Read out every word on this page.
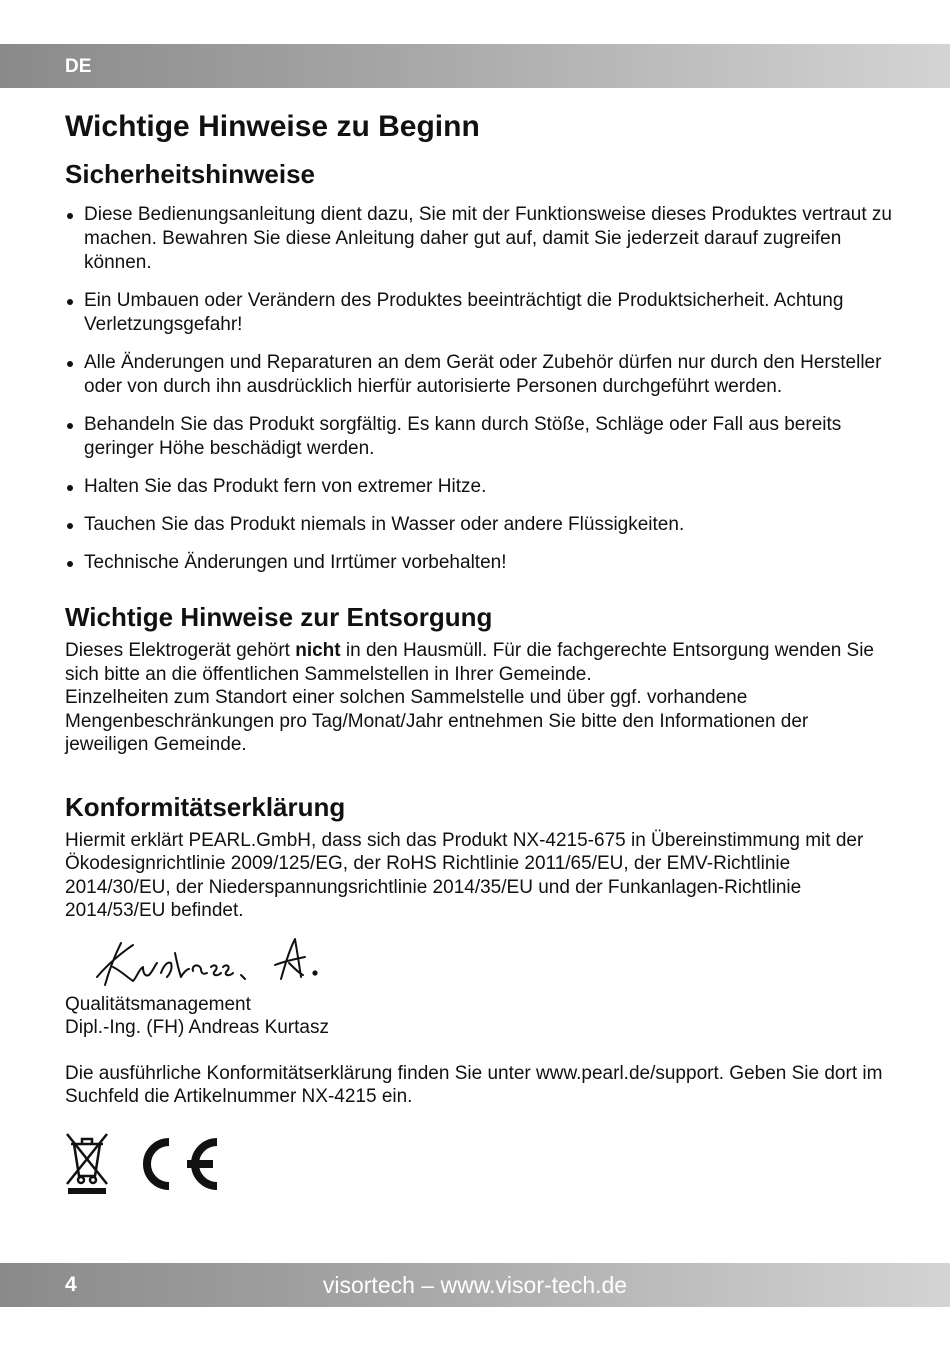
DE
Wichtige Hinweise zu Beginn
Sicherheitshinweise
Diese Bedienungsanleitung dient dazu, Sie mit der Funktionsweise dieses Produktes vertraut zu machen. Bewahren Sie diese Anleitung daher gut auf, damit Sie jederzeit darauf zugreifen können.
Ein Umbauen oder Verändern des Produktes beeinträchtigt die Produktsicherheit. Achtung Verletzungsgefahr!
Alle Änderungen und Reparaturen an dem Gerät oder Zubehör dürfen nur durch den Hersteller oder von durch ihn ausdrücklich hierfür autorisierte Personen durchgeführt werden.
Behandeln Sie das Produkt sorgfältig. Es kann durch Stöße, Schläge oder Fall aus bereits geringer Höhe beschädigt werden.
Halten Sie das Produkt fern von extremer Hitze.
Tauchen Sie das Produkt niemals in Wasser oder andere Flüssigkeiten.
Technische Änderungen und Irrtümer vorbehalten!
Wichtige Hinweise zur Entsorgung

Dieses Elektrogerät gehört nicht in den Hausmüll. Für die fachgerechte Entsorgung wenden Sie sich bitte an die öffentlichen Sammelstellen in Ihrer Gemeinde.

Einzelheiten zum Standort einer solchen Sammelstelle und über ggf. vorhandene Mengenbeschränkungen pro Tag/Monat/Jahr entnehmen Sie bitte den Informationen der jeweiligen Gemeinde.

Konformitätserklärung

Hiermit erklärt PEARL.GmbH, dass sich das Produkt NX-4215-675 in Übereinstimmung mit der Ökodesignrichtlinie 2009/125/EG, der RoHS Richtlinie 2011/65/EU, der EMV-Richtlinie 2014/30/EU, der Niederspannungsrichtlinie 2014/35/EU und der Funkanlagen-Richtlinie 2014/53/EU befindet.

Qualitätsmanagement

Dipl.-Ing. (FH) Andreas Kurtasz

Die ausführliche Konformitätserklärung finden Sie unter www.pearl.de/support. Geben Sie dort im Suchfeld die Artikelnummer NX-4215 ein.

4	visortech – www.visor-tech.de
